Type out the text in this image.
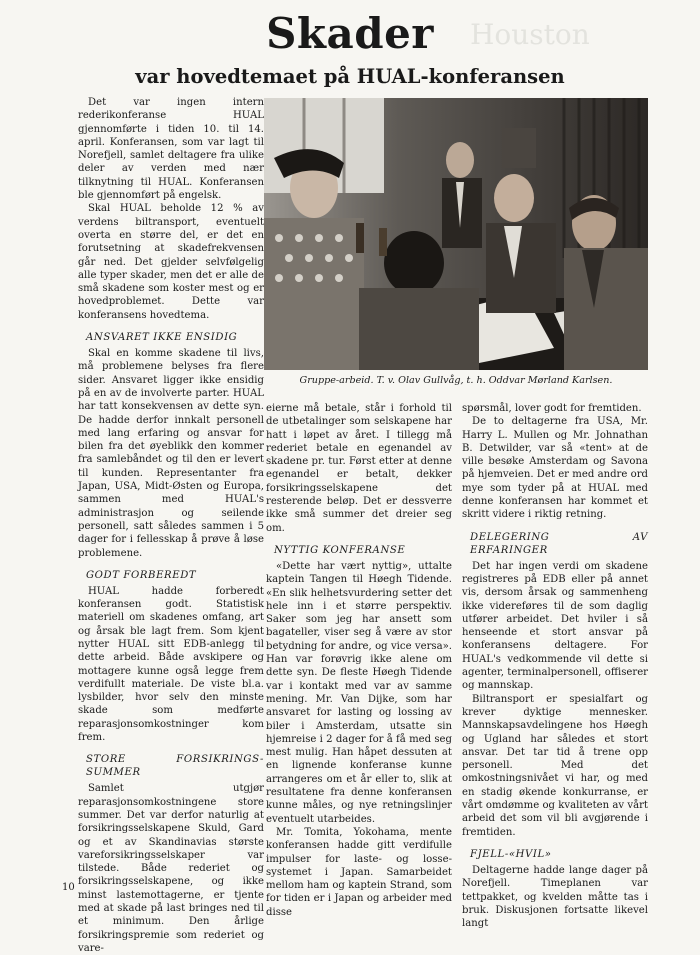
Houston
Skader
var hovedtemaet på HUAL-konferansen

Det var ingen intern rederikonferanse HUAL gjennomførte i tiden 10. til 14. april. Konferansen, som var lagt til Norefjell, samlet deltagere fra ulike deler av verden med nær tilknytning til HUAL. Konferansen ble gjennomført på engelsk.

Skal HUAL beholde 12 % av verdens biltransport, eventuelt overta en større del, er det en forutsetning at skadefrekvensen går ned. Det gjelder selvfølgelig alle typer skader, men det er alle de små skadene som koster mest og er hovedproblemet. Dette var konferansens hovedtema.

ANSVARET IKKE ENSIDIG

Skal en komme skadene til livs, må problemene belyses fra flere sider. Ansvaret ligger ikke ensidig på en av de involverte parter. HUAL har tatt konsekvensen av dette syn. De hadde derfor innkalt personell med lang erfaring og ansvar for bilen fra det øyeblikk den kommer fra samlebåndet og til den er levert til kunden. Representanter fra Japan, USA, Midt-Østen og Europa, sammen med HUAL's administrasjon og seilende personell, satt således sammen i 5 dager for i fellesskap å prøve å løse problemene.

GODT FORBEREDT

HUAL hadde forberedt konferansen godt. Statistisk materiell om skadenes omfang, art og årsak ble lagt frem. Som kjent nytter HUAL sitt EDB-anlegg til dette arbeid. Både avskipere og mottagere kunne også legge frem verdifullt materiale. De viste bl.a. lysbilder, hvor selv den minste skade som medførte reparasjonsomkostninger kom frem.

STORE FORSIKRINGS-SUMMER

Samlet utgjør reparasjonsomkostningene store summer. Det var derfor naturlig at forsikringsselskapene Skuld, Gard og et av Skandinavias største vareforsikringsselskaper var tilstede. Både rederiet og forsikringsselskapene, og ikke minst lastemottagerne, er tjente med at skade på last bringes ned til et minimum. Den årlige forsikringspremie som rederiet og vare-

Gruppe-arbeid. T. v. Olav Gullvåg, t. h. Oddvar Mørland Karlsen.

eierne må betale, står i forhold til de utbetalinger som selskapene har hatt i løpet av året. I tillegg må rederiet betale en egenandel av skadene pr. tur. Først etter at denne egenandel er betalt, dekker forsikringsselskapene det resterende beløp. Det er dessverre ikke små summer det dreier seg om.

NYTTIG KONFERANSE

«Dette har vært nyttig», uttalte kaptein Tangen til Høegh Tidende. «En slik helhetsvurdering setter det hele inn i et større perspektiv. Saker som jeg har ansett som bagateller, viser seg å være av stor betydning for andre, og vice versa». Han var forøvrig ikke alene om dette syn. De fleste Høegh Tidende var i kontakt med var av samme mening. Mr. Van Dijke, som har ansvaret for lasting og lossing av biler i Amsterdam, utsatte sin hjemreise i 2 dager for å få med seg mest mulig. Han håpet dessuten at en lignende konferanse kunne arrangeres om et år eller to, slik at resultatene fra denne konferansen kunne måles, og nye retningslinjer eventuelt utarbeides.

Mr. Tomita, Yokohama, mente konferansen hadde gitt verdifulle impulser for laste- og losse-systemet i Japan. Samarbeidet mellom ham og kaptein Strand, som for tiden er i Japan og arbeider med disse

spørsmål, lover godt for fremtiden.

De to deltagerne fra USA, Mr. Harry L. Mullen og Mr. Johnathan B. Detwilder, var så «tent» at de ville besøke Amsterdam og Savona på hjemveien. Det er med andre ord mye som tyder på at HUAL med denne konferansen har kommet et skritt videre i riktig retning.

DELEGERING AV ERFARINGER

Det har ingen verdi om skadene registreres på EDB eller på annet vis, dersom årsak og sammenheng ikke videreføres til de som daglig utfører arbeidet. Det hviler i så henseende et stort ansvar på konferansens deltagere. For HUAL's vedkommende vil dette si agenter, terminalpersonell, offiserer og mannskap.

Biltransport er spesialfart og krever dyktige mennesker. Mannskapsavdelingene hos Høegh og Ugland har således et stort ansvar. Det tar tid å trene opp personell. Med det omkostningsnivået vi har, og med en stadig økende konkurranse, er vårt omdømme og kvaliteten av vårt arbeid det som vil bli avgjørende i fremtiden.

FJELL-«HVIL»

Deltagerne hadde lange dager på Norefjell. Timeplanen var tettpakket, og kvelden måtte tas i bruk. Diskusjonen fortsatte likevel langt

10
